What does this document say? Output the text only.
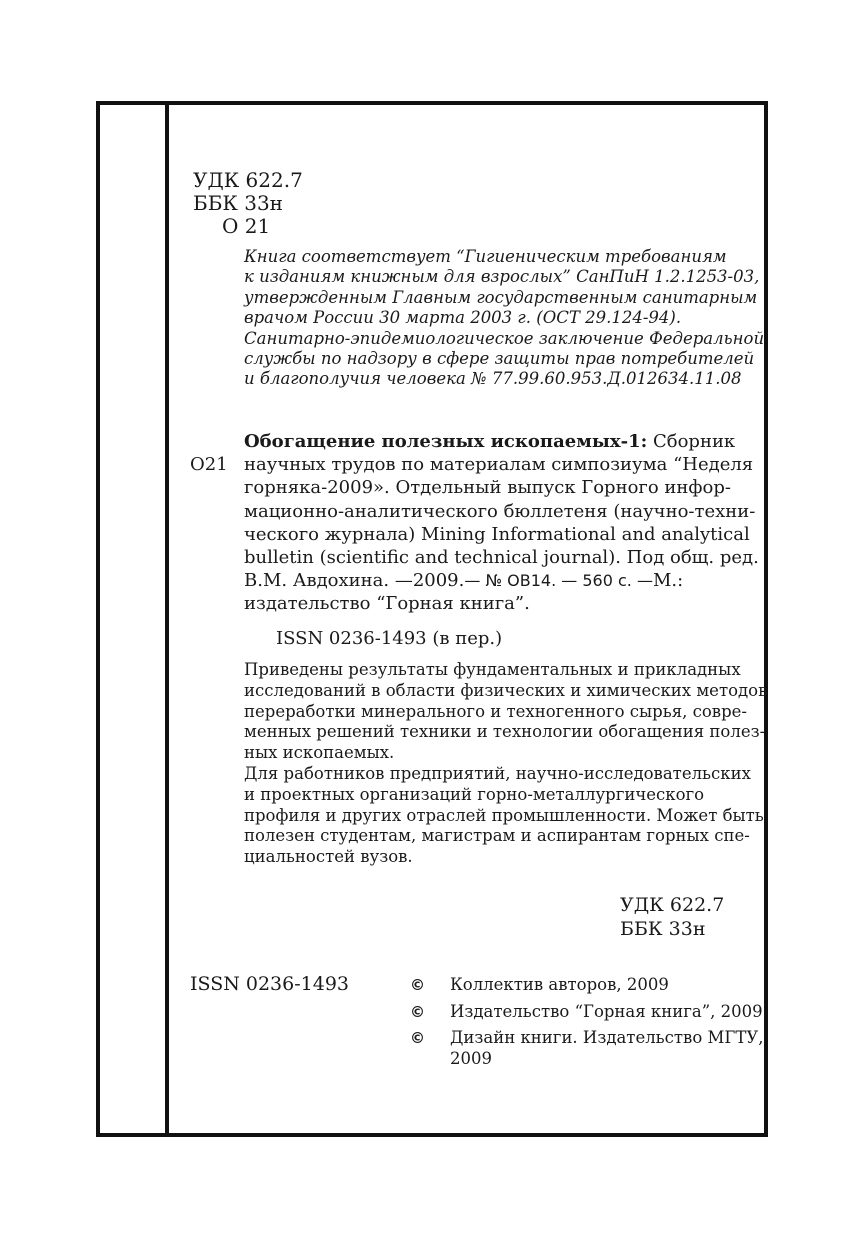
УДК 622.7
ББК 33н
О 21
Книга соответствует “Гигиеническим требованиям
к изданиям книжным для взрослых” СанПиН 1.2.1253-03,
утвержденным Главным государственным санитарным
врачом России 30 марта 2003 г. (ОСТ 29.124-94).
Санитарно-эпидемиологическое заключение Федеральной
службы по надзору в сфере защиты прав потребителей
и благополучия человека № 77.99.60.953.Д.012634.11.08
О21
Обогащение полезных ископаемых-1: Сборник
научных трудов по материалам симпозиума “Неделя
горняка-2009». Отдельный выпуск Горного инфор-
мационно-аналитического бюллетеня (научно-техни-
ческого журнала) Mining Informational and analytical
bulletin (scientific and technical journal). Под общ. ред.
В.М. Авдохина. —2009.— № ОВ14. — 560 с. —М.:
издательство “Горная книга”.
ISSN 0236-1493 (в пер.)
Приведены результаты фундаментальных и прикладных
исследований в области физических и химических методов
переработки минерального и техногенного сырья, совре-
менных решений техники и технологии обогащения полез-
ных ископаемых.
Для работников предприятий, научно-исследовательских
и проектных организаций горно-металлургического
профиля и других отраслей промышленности. Может быть
полезен студентам, магистрам и аспирантам горных спе-
циальностей вузов.
УДК 622.7
ББК 33н
ISSN 0236-1493	© Коллектив авторов, 2009
© Издательство “Горная книга”, 2009
© Дизайн книги. Издательство МГТУ,
2009
